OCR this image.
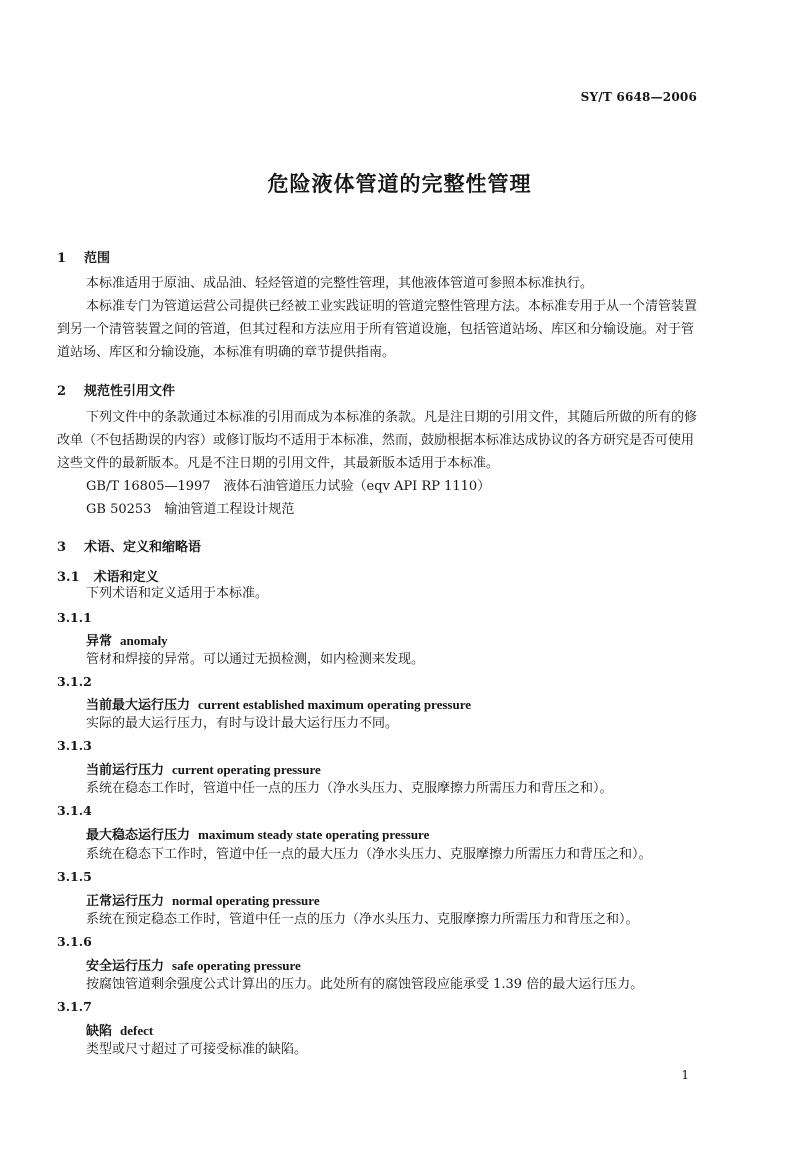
SY/T 6648—2006
危险液体管道的完整性管理
1 范围
本标准适用于原油、成品油、轻烃管道的完整性管理，其他液体管道可参照本标准执行。
本标准专门为管道运营公司提供已经被工业实践证明的管道完整性管理方法。本标准专用于从一个清管装置到另一个清管装置之间的管道，但其过程和方法应用于所有管道设施，包括管道站场、库区和分输设施。对于管道站场、库区和分输设施，本标准有明确的章节提供指南。
2 规范性引用文件
下列文件中的条款通过本标准的引用而成为本标准的条款。凡是注日期的引用文件，其随后所做的所有的修改单（不包括勘误的内容）或修订版均不适用于本标准，然而，鼓励根据本标准达成协议的各方研究是否可使用这些文件的最新版本。凡是不注日期的引用文件，其最新版本适用于本标准。
GB/T 16805—1997　液体石油管道压力试验（eqv API RP 1110）
GB 50253　输油管道工程设计规范
3 术语、定义和缩略语
3.1 术语和定义
下列术语和定义适用于本标准。
3.1.1
异常 anomaly
管材和焊接的异常。可以通过无损检测，如内检测来发现。
3.1.2
当前最大运行压力 current established maximum operating pressure
实际的最大运行压力，有时与设计最大运行压力不同。
3.1.3
当前运行压力 current operating pressure
系统在稳态工作时，管道中任一点的压力（净水头压力、克服摩擦力所需压力和背压之和）。
3.1.4
最大稳态运行压力 maximum steady state operating pressure
系统在稳态下工作时，管道中任一点的最大压力（净水头压力、克服摩擦力所需压力和背压之和）。
3.1.5
正常运行压力 normal operating pressure
系统在预定稳态工作时，管道中任一点的压力（净水头压力、克服摩擦力所需压力和背压之和）。
3.1.6
安全运行压力 safe operating pressure
按腐蚀管道剩余强度公式计算出的压力。此处所有的腐蚀管段应能承受 1.39 倍的最大运行压力。
3.1.7
缺陷 defect
类型或尺寸超过了可接受标准的缺陷。
1
